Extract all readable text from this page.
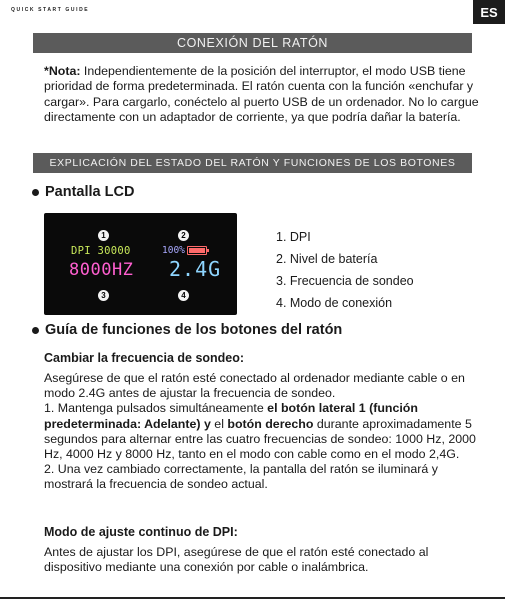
QUICK START GUIDE	ES
CONEXIÓN DEL RATÓN

*Nota: Independientemente de la posición del interruptor, el modo USB tiene prioridad de forma predeterminada. El ratón cuenta con la función «enchufar y cargar». Para cargarlo, conéctelo al puerto USB de un ordenador. No lo cargue directamente con un adaptador de corriente, ya que podría dañar la batería.

EXPLICACIÓN DEL ESTADO DEL RATÓN Y FUNCIONES DE LOS BOTONES
Pantalla LCD
1	2
3	4
DPI 30000	100%
8000HZ 2.4G
1. DPI
2. Nivel de batería
3. Frecuencia de sondeo
4. Modo de conexión
Guía de funciones de los botones del ratón
Cambiar la frecuencia de sondeo:
Asegúrese de que el ratón esté conectado al ordenador mediante cable o en modo 2.4G antes de ajustar la frecuencia de sondeo.
1. Mantenga pulsados simultáneamente el botón lateral 1 (función predeterminada: Adelante) y el botón derecho durante aproximadamente 5 segundos para alternar entre las cuatro frecuencias de sondeo: 1000 Hz, 2000 Hz, 4000 Hz y 8000 Hz, tanto en el modo con cable como en el modo 2,4G.
2. Una vez cambiado correctamente, la pantalla del ratón se iluminará y mostrará la frecuencia de sondeo actual.
Modo de ajuste continuo de DPI:
Antes de ajustar los DPI, asegúrese de que el ratón esté conectado al dispositivo mediante una conexión por cable o inalámbrica.
